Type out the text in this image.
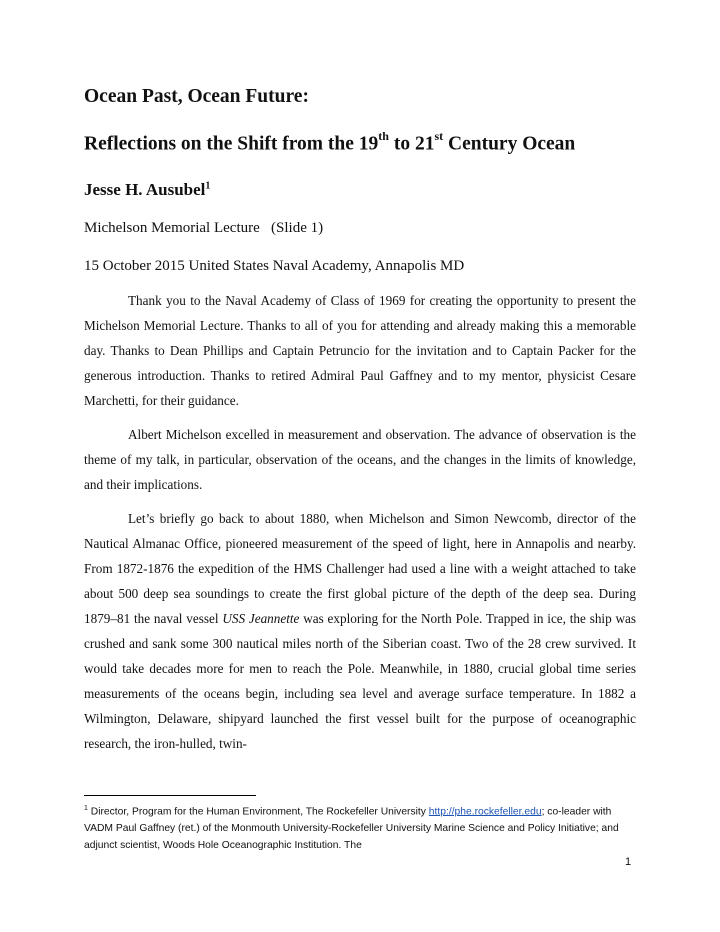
Ocean Past, Ocean Future:
Reflections on the Shift from the 19th to 21st Century Ocean
Jesse H. Ausubel$^1$
Michelson Memorial Lecture   (Slide 1)
15 October 2015 United States Naval Academy, Annapolis MD

Thank you to the Naval Academy of Class of 1969 for creating the opportunity to present the Michelson Memorial Lecture. Thanks to all of you for attending and already making this a memorable day. Thanks to Dean Phillips and Captain Petruncio for the invitation and to Captain Packer for the generous introduction. Thanks to retired Admiral Paul Gaffney and to my mentor, physicist Cesare Marchetti, for their guidance.

Albert Michelson excelled in measurement and observation. The advance of observation is the theme of my talk, in particular, observation of the oceans, and the changes in the limits of knowledge, and their implications.

Let’s briefly go back to about 1880, when Michelson and Simon Newcomb, director of the Nautical Almanac Office, pioneered measurement of the speed of light, here in Annapolis and nearby. From 1872-1876 the expedition of the HMS Challenger had used a line with a weight attached to take about 500 deep sea soundings to create the first global picture of the depth of the deep sea. During 1879–81 the naval vessel USS Jeannette was exploring for the North Pole. Trapped in ice, the ship was crushed and sank some 300 nautical miles north of the Siberian coast. Two of the 28 crew survived. It would take decades more for men to reach the Pole. Meanwhile, in 1880, crucial global time series measurements of the oceans begin, including sea level and average surface temperature. In 1882 a Wilmington, Delaware, shipyard launched the first vessel built for the purpose of oceanographic research, the iron-hulled, twin-

$^1$ Director, Program for the Human Environment, The Rockefeller University http://phe.rockefeller.edu; co-leader with VADM Paul Gaffney (ret.) of the Monmouth University-Rockefeller University Marine Science and Policy Initiative; and adjunct scientist, Woods Hole Oceanographic Institution. The
1
